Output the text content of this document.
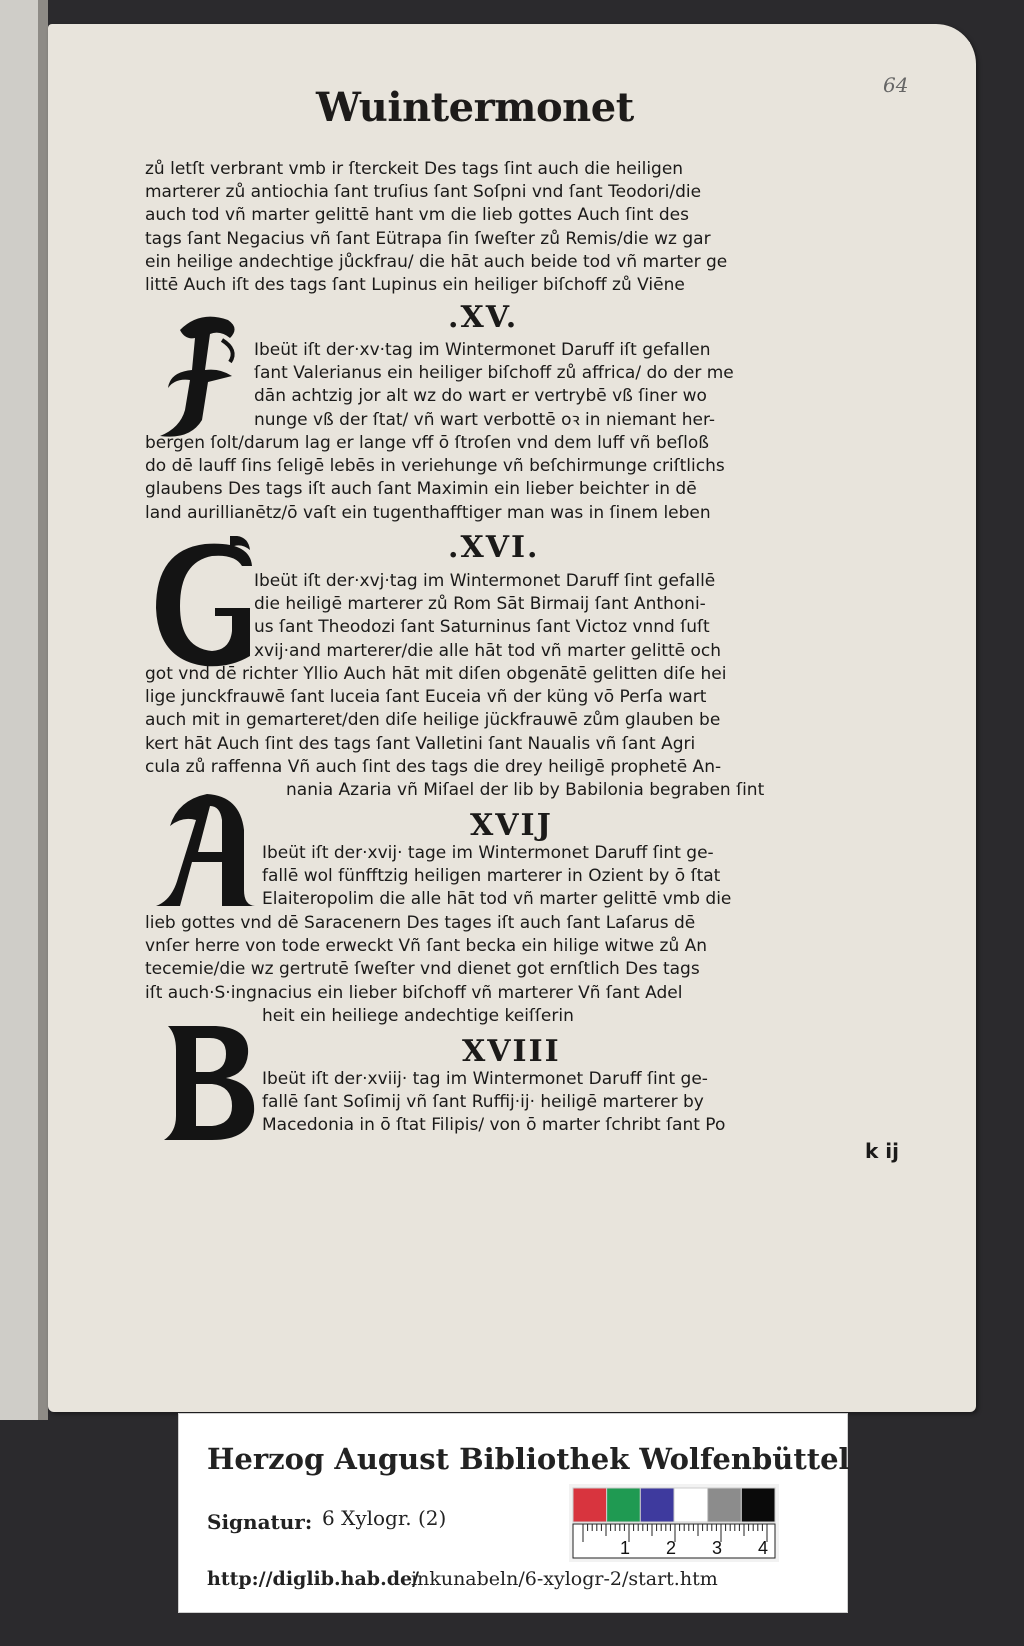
64
Wuintermonet
zů letſt verbrant vmb ir ſterckeit Des tags ſint auch die heiligen
marterer zů antiochia ſant truſius ſant Soſpni vnd ſant Teodori/die
auch tod vñ marter gelittē hant vm die lieb gottes Auch ſint des
tags ſant Negacius vñ ſant Eütrapa ſin ſweſter zů Remis/die wz gar
ein heilige andechtige jůckfrau/ die hāt auch beide tod vñ marter ge
littē Auch iſt des tags ſant Lupinus ein heiliger biſchoff zů Viēne
.XV.
Ibeüt iſt der·xv·tag im Wintermonet Daruff iſt gefallen
ſant Valerianus ein heiliger biſchoff zů affrica/ do der me
dān achtzig jor alt wz do wart er vertrybē vß ſiner wo
nunge vß der ſtat/ vñ wart verbottē oꝛ in niemant her-
bergen ſolt/darum lag er lange vff ō ſtroſen vnd dem luff vñ beſloß
do dē lauff ſins ſeligē lebēs in veriehunge vñ beſchirmunge criſtlichs
glaubens Des tags iſt auch ſant Maximin ein lieber beichter in dē
land aurillianētz/ō vaſt ein tugenthafftiger man was in ſinem leben
.XVI.
Ibeüt iſt der·xvj·tag im Wintermonet Daruff ſint gefallē
die heiligē marterer zů Rom Sāt Birmaij ſant Anthoni-
us ſant Theodozi ſant Saturninus ſant Victoz vnnd ſuſt
xvij·and marterer/die alle hāt tod vñ marter gelittē och
got vnd dē richter Yllio Auch hāt mit diſen obgenātē gelitten diſe hei
lige junckfrauwē ſant luceia ſant Euceia vñ der küng vō Perſa wart
auch mit in gemarteret/den diſe heilige jückfrauwē zům glauben be
kert hāt Auch ſint des tags ſant Valletini ſant Naualis vñ ſant Agri
cula zů raffenna Vñ auch ſint des tags die drey heiligē prophetē An-
nania Azaria vñ Miſael der lib by Babilonia begraben ſint
XVIJ
Ibeüt iſt der·xvij· tage im Wintermonet Daruff ſint ge-
fallē wol fünfftzig heiligen marterer in Ozient by ō ſtat
Elaiteropolim die alle hāt tod vñ marter gelittē vmb die
lieb gottes vnd dē Saracenern Des tages iſt auch ſant Laſarus dē
vnſer herre von tode erweckt Vñ ſant becka ein hilige witwe zů An
tecemie/die wz gertrutē ſweſter vnd dienet got ernſtlich Des tags
iſt auch·S·ingnacius ein lieber biſchoff vñ marterer Vñ ſant Adel
heit ein heiliege andechtige keiſſerin
XVIII
Ibeüt iſt der·xviij· tag im Wintermonet Daruff ſint ge-
fallē ſant Soſimij vñ ſant Ruffij·ij· heiligē marterer by
Macedonia in ō ſtat Filipis/ von ō marter ſchribt ſant Po
k ij
Herzog August Bibliothek Wolfenbüttel
Signatur: 6 Xylogr. (2)
http://diglib.hab.de/
inkunabeln/6-xylogr-2/start.htm
1 2 3 4
